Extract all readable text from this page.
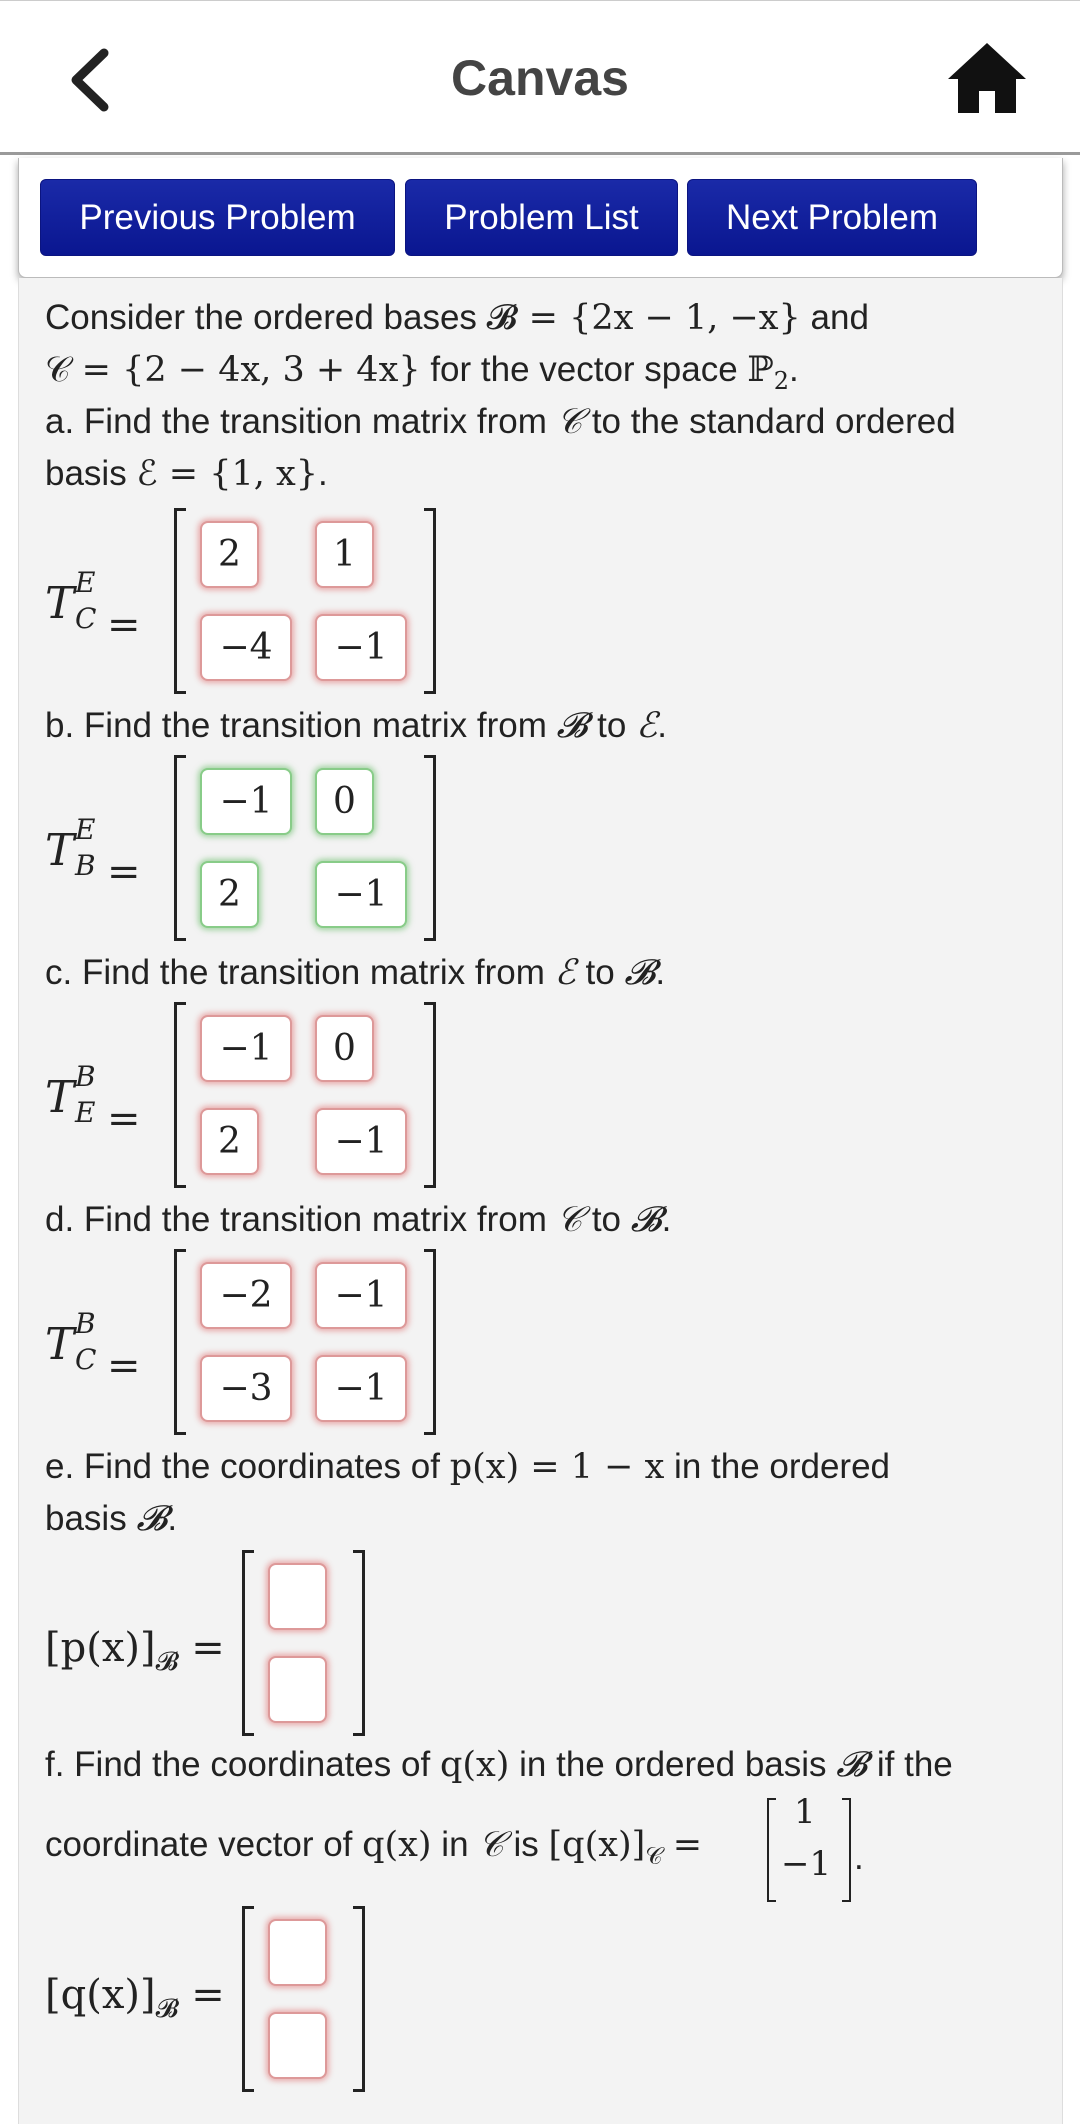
Canvas
Previous Problem	Problem List	Next Problem
Consider the ordered bases 𝓑 = {2x − 1, −x} and
𝒞 = {2 − 4x, 3 + 4x} for the vector space ℙ$_2$.
a. Find the transition matrix from 𝒞 to the standard ordered
basis ℰ = {1, x}.
T E
C =
2	1
−4	−1
b. Find the transition matrix from 𝓑 to ℰ.
T E
B =
−1	0
2	−1
c. Find the transition matrix from ℰ to 𝓑.
T B
E =
−1	0
2	−1
d. Find the transition matrix from 𝒞 to 𝓑.
T B
C =
−2	−1
−3	−1
e. Find the coordinates of p(x) = 1 − x in the ordered
basis 𝓑.
$[p(x)]_𝓑$ =
f. Find the coordinates of q(x) in the ordered basis 𝓑 if the
coordinate vector of q(x) in 𝒞 is $[q(x)]_𝒞$ =
1
−1 .
$[q(x)]_𝓑$ =
